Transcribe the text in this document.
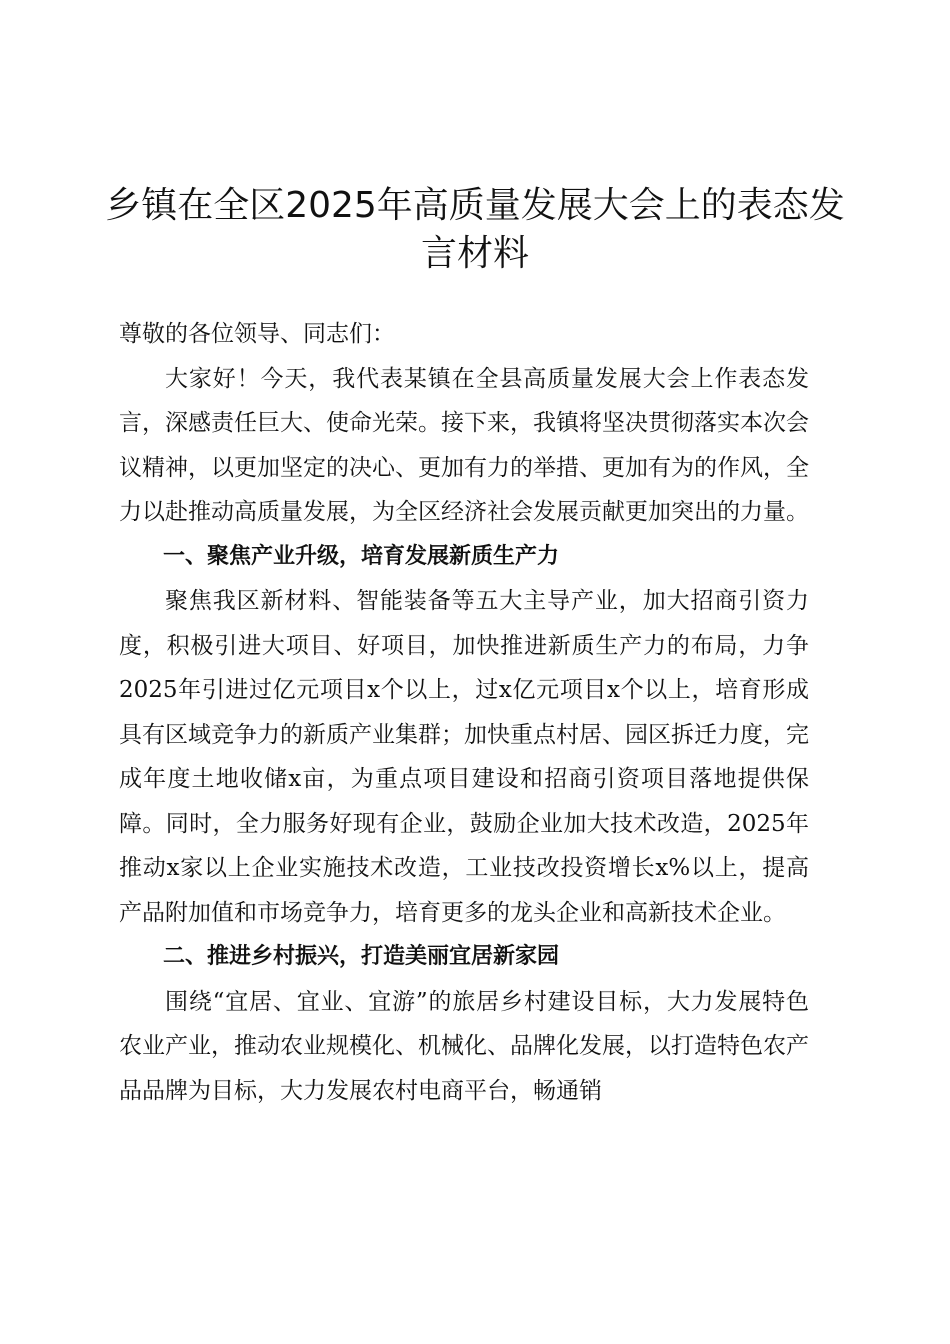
乡镇在全区2025年高质量发展大会上的表态发言材料

尊敬的各位领导、同志们：

大家好！今天，我代表某镇在全县高质量发展大会上作表态发言，深感责任巨大、使命光荣。接下来，我镇将坚决贯彻落实本次会议精神，以更加坚定的决心、更加有力的举措、更加有为的作风，全力以赴推动高质量发展，为全区经济社会发展贡献更加突出的力量。

一、聚焦产业升级，培育发展新质生产力

聚焦我区新材料、智能装备等五大主导产业，加大招商引资力度，积极引进大项目、好项目，加快推进新质生产力的布局，力争2025年引进过亿元项目x个以上，过x亿元项目x个以上，培育形成具有区域竞争力的新质产业集群；加快重点村居、园区拆迁力度，完成年度土地收储x亩，为重点项目建设和招商引资项目落地提供保障。同时，全力服务好现有企业，鼓励企业加大技术改造，2025年推动x家以上企业实施技术改造，工业技改投资增长x%以上，提高产品附加值和市场竞争力，培育更多的龙头企业和高新技术企业。

二、推进乡村振兴，打造美丽宜居新家园

围绕“宜居、宜业、宜游”的旅居乡村建设目标，大力发展特色农业产业，推动农业规模化、机械化、品牌化发展，以打造特色农产品品牌为目标，大力发展农村电商平台，畅通销
